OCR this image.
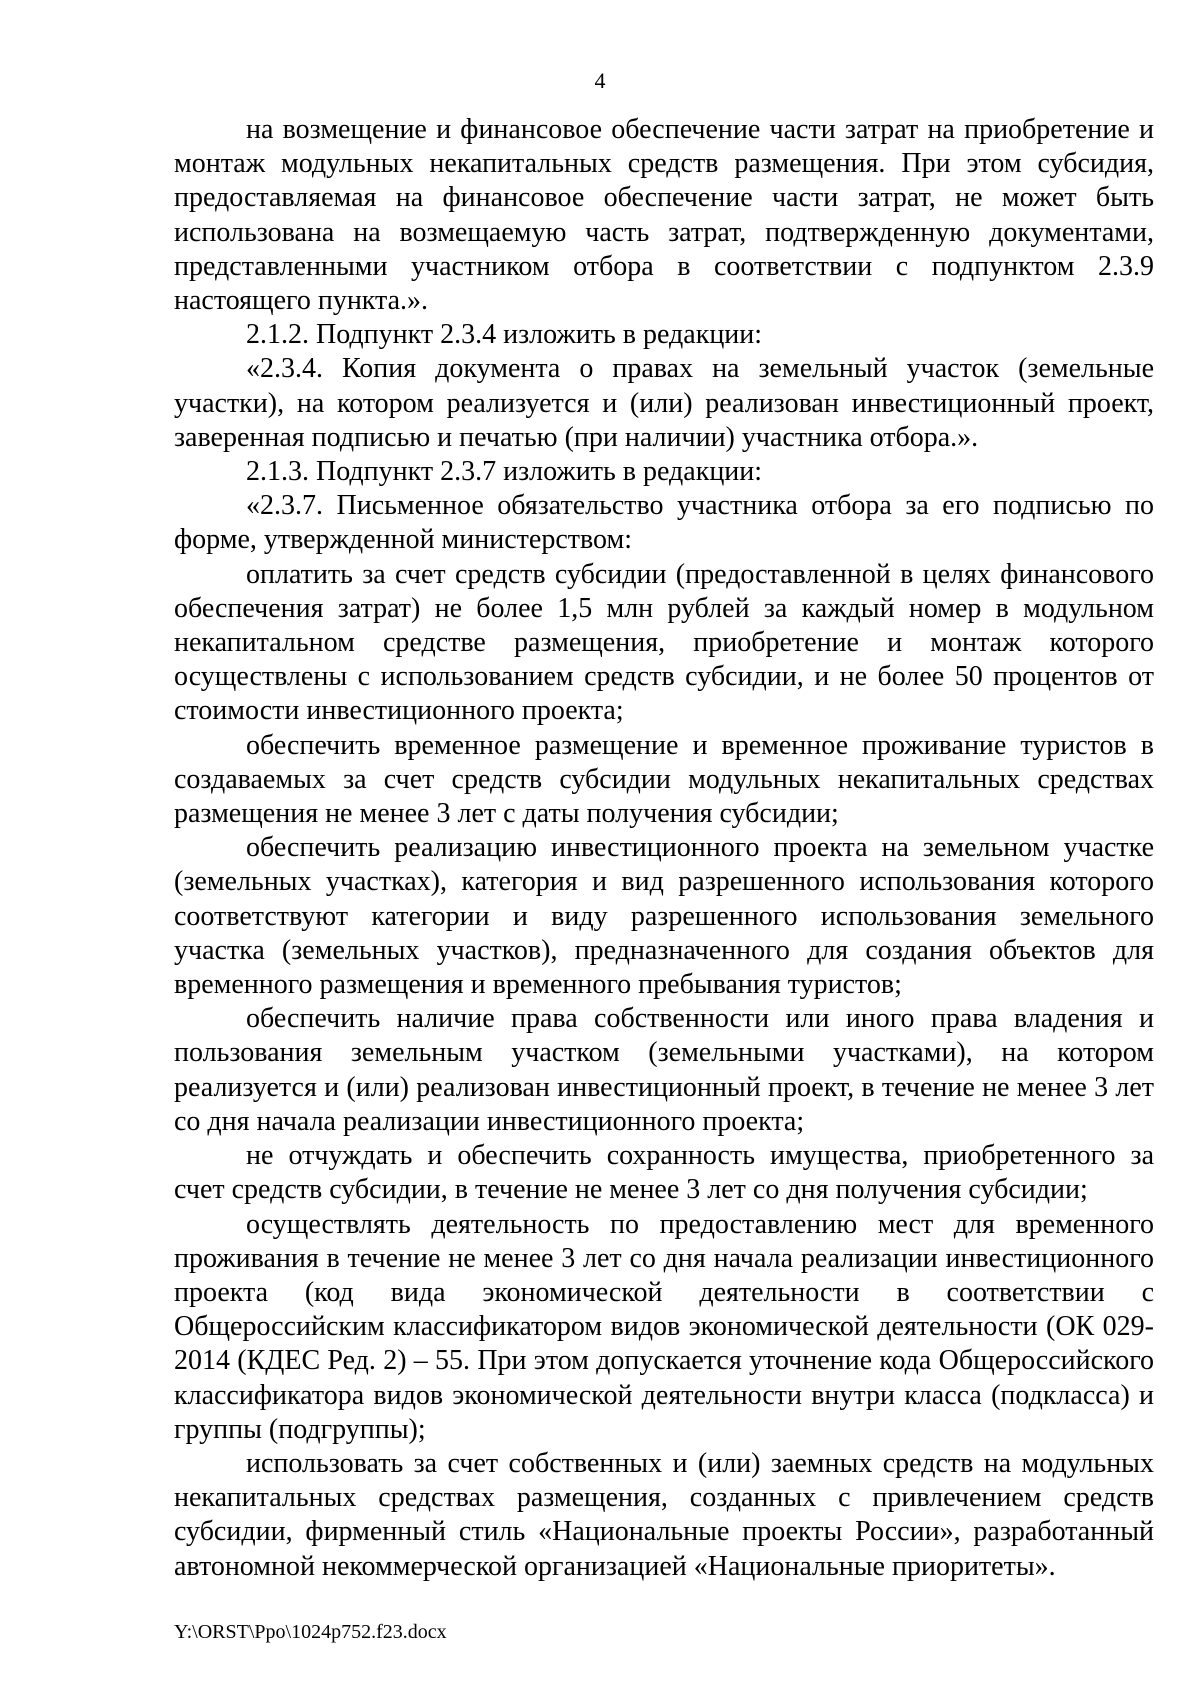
4

на возмещение и финансовое обеспечение части затрат на приобретение и монтаж модульных некапитальных средств размещения. При этом субсидия, предоставляемая на финансовое обеспечение части затрат, не может быть использована на возмещаемую часть затрат, подтвержденную документами, представленными участником отбора в соответствии с подпунктом 2.3.9 настоящего пункта.».

2.1.2. Подпункт 2.3.4 изложить в редакции:

«2.3.4. Копия документа о правах на земельный участок (земельные участки), на котором реализуется и (или) реализован инвестиционный проект, заверенная подписью и печатью (при наличии) участника отбора.».

2.1.3. Подпункт 2.3.7 изложить в редакции:

«2.3.7. Письменное обязательство участника отбора за его подписью по форме, утвержденной министерством:

оплатить за счет средств субсидии (предоставленной в целях финансового обеспечения затрат) не более 1,5 млн рублей за каждый номер в модульном некапитальном средстве размещения, приобретение и монтаж которого осуществлены с использованием средств субсидии, и не более 50 процентов от стоимости инвестиционного проекта;

обеспечить временное размещение и временное проживание туристов в создаваемых за счет средств субсидии модульных некапитальных средствах размещения не менее 3 лет с даты получения субсидии;

обеспечить реализацию инвестиционного проекта на земельном участке (земельных участках), категория и вид разрешенного использования которого соответствуют категории и виду разрешенного использования земельного участка (земельных участков), предназначенного для создания объектов для временного размещения и временного пребывания туристов;

обеспечить наличие права собственности или иного права владения и пользования земельным участком (земельными участками), на котором реализуется и (или) реализован инвестиционный проект, в течение не менее 3 лет со дня начала реализации инвестиционного проекта;

не отчуждать и обеспечить сохранность имущества, приобретенного за счет средств субсидии, в течение не менее 3 лет со дня получения субсидии;

осуществлять деятельность по предоставлению мест для временного проживания в течение не менее 3 лет со дня начала реализации инвестиционного проекта (код вида экономической деятельности в соответствии с Общероссийским классификатором видов экономической деятельности (ОК 029-2014 (КДЕС Ред. 2) – 55. При этом допускается уточнение кода Общероссийского классификатора видов экономической деятельности внутри класса (подкласса) и группы (подгруппы);

использовать за счет собственных и (или) заемных средств на модульных некапитальных средствах размещения, созданных с привлечением средств субсидии, фирменный стиль «Национальные проекты России», разработанный автономной некоммерческой организацией «Национальные приоритеты».

Y:\ORST\Ppo\1024p752.f23.docx
